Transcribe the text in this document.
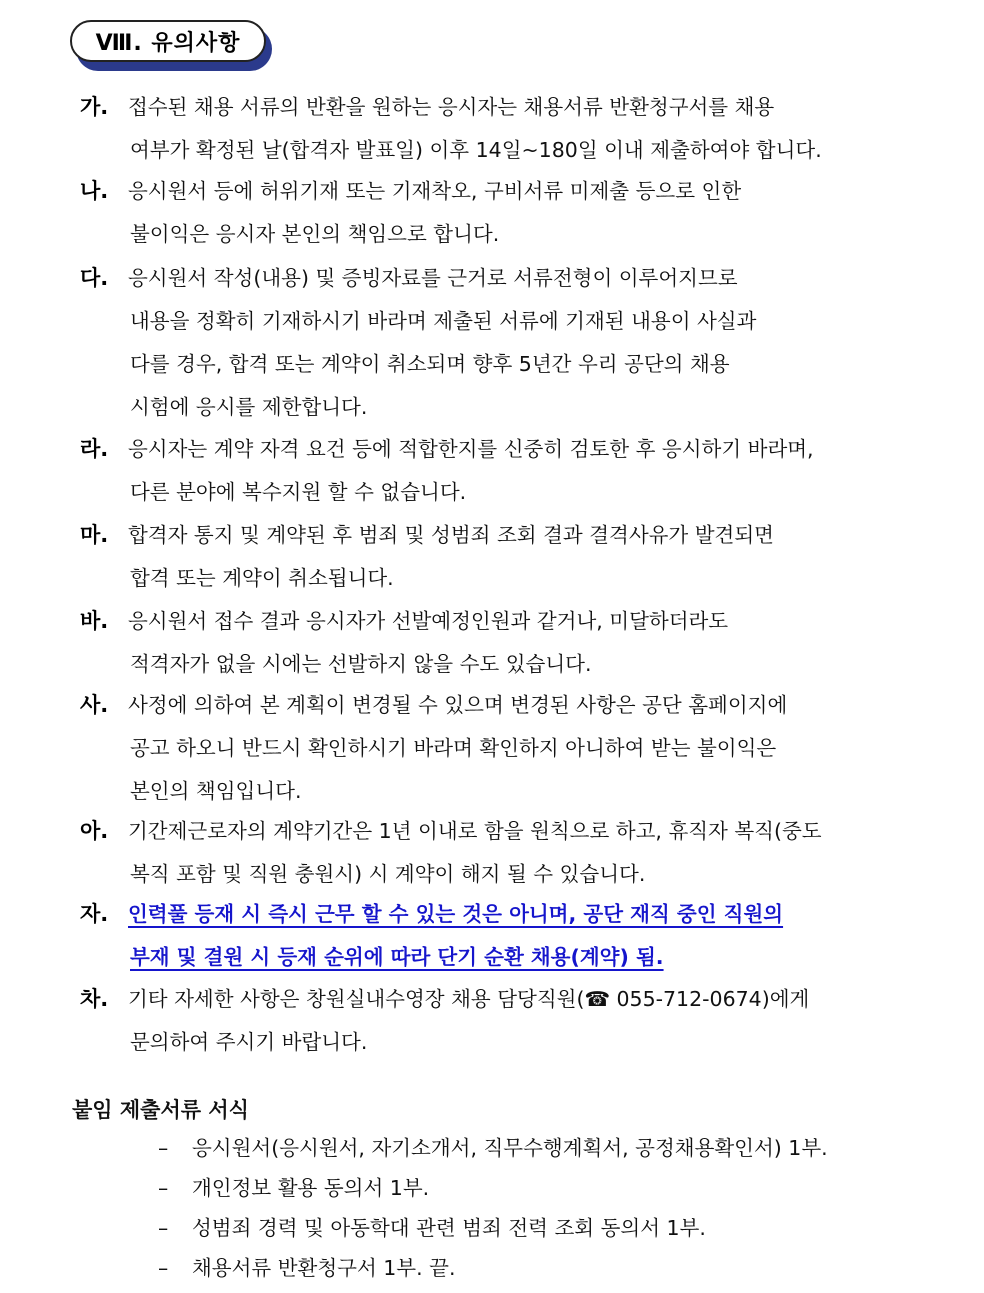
Ⅷ. 유의사항
가. 접수된 채용 서류의 반환을 원하는 응시자는 채용서류 반환청구서를 채용
여부가 확정된 날(합격자 발표일) 이후 14일~180일 이내 제출하여야 합니다.
나. 응시원서 등에 허위기재 또는 기재착오, 구비서류 미제출 등으로 인한
불이익은 응시자 본인의 책임으로 합니다.
다. 응시원서 작성(내용) 및 증빙자료를 근거로 서류전형이 이루어지므로
내용을 정확히 기재하시기 바라며 제출된 서류에 기재된 내용이 사실과
다를 경우, 합격 또는 계약이 취소되며 향후 5년간 우리 공단의 채용
시험에 응시를 제한합니다.
라. 응시자는 계약 자격 요건 등에 적합한지를 신중히 검토한 후 응시하기 바라며,
다른 분야에 복수지원 할 수 없습니다.
마. 합격자 통지 및 계약된 후 범죄 및 성범죄 조회 결과 결격사유가 발견되면
합격 또는 계약이 취소됩니다.
바. 응시원서 접수 결과 응시자가 선발예정인원과 같거나, 미달하더라도
적격자가 없을 시에는 선발하지 않을 수도 있습니다.
사. 사정에 의하여 본 계획이 변경될 수 있으며 변경된 사항은 공단 홈페이지에
공고 하오니 반드시 확인하시기 바라며 확인하지 아니하여 받는 불이익은
본인의 책임입니다.
아. 기간제근로자의 계약기간은 1년 이내로 함을 원칙으로 하고, 휴직자 복직(중도
복직 포함 및 직원 충원시) 시 계약이 해지 될 수 있습니다.
자. 인력풀 등재 시 즉시 근무 할 수 있는 것은 아니며, 공단 재직 중인 직원의
부재 및 결원 시 등재 순위에 따라 단기 순환 채용(계약) 됨.
차. 기타 자세한 사항은 창원실내수영장 채용 담당직원(☎ 055-712-0674)에게
문의하여 주시기 바랍니다.
붙임 제출서류 서식
– 응시원서(응시원서, 자기소개서, 직무수행계획서, 공정채용확인서) 1부.
– 개인정보 활용 동의서 1부.
– 성범죄 경력 및 아동학대 관련 범죄 전력 조회 동의서 1부.
– 채용서류 반환청구서 1부. 끝.
